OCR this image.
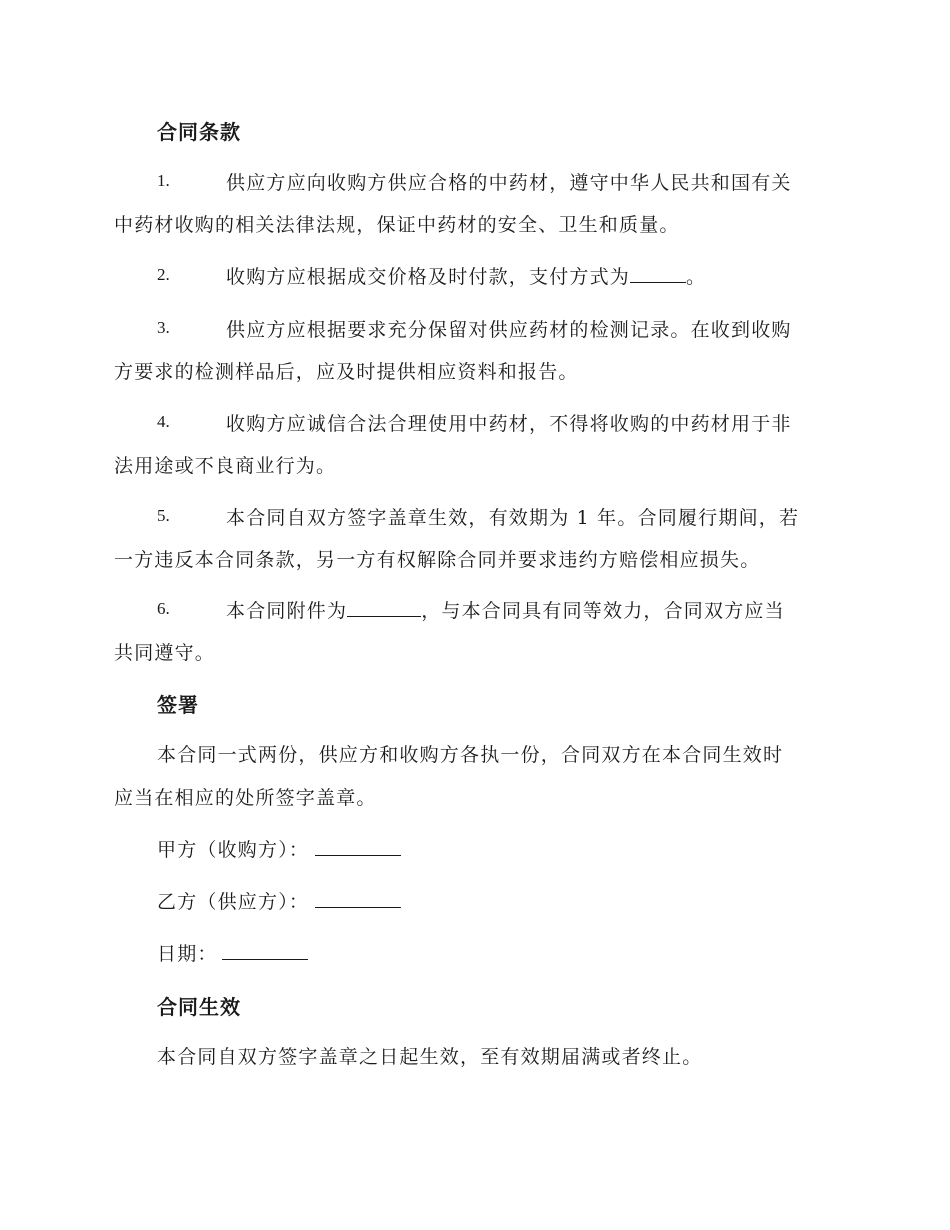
合同条款
1.	供应方应向收购方供应合格的中药材，遵守中华人民共和国有关
中药材收购的相关法律法规，保证中药材的安全、卫生和质量。
2.	收购方应根据成交价格及时付款，支付方式为	。
3.	供应方应根据要求充分保留对供应药材的检测记录。在收到收购
方要求的检测样品后，应及时提供相应资料和报告。
4.	收购方应诚信合法合理使用中药材，不得将收购的中药材用于非
法用途或不良商业行为。
5.	本合同自双方签字盖章生效，有效期为 1 年。合同履行期间，若
一方违反本合同条款，另一方有权解除合同并要求违约方赔偿相应损失。
6.	本合同附件为	，与本合同具有同等效力，合同双方应当
共同遵守。
签署
本合同一式两份，供应方和收购方各执一份，合同双方在本合同生效时
应当在相应的处所签字盖章。
甲方（收购方）：
乙方（供应方）：
日期：
合同生效
本合同自双方签字盖章之日起生效，至有效期届满或者终止。
